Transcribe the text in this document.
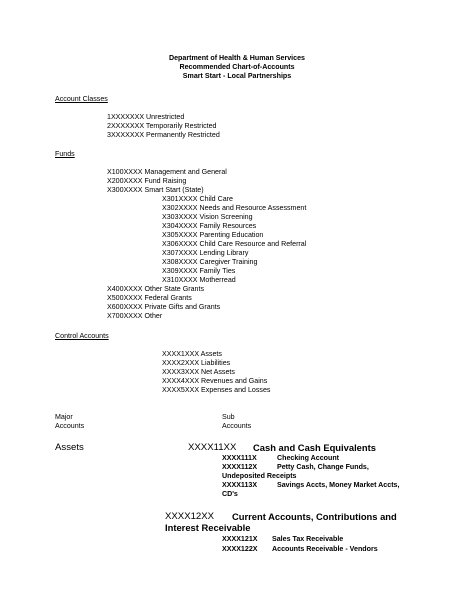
Department of Health & Human Services
Recommended Chart-of-Accounts
Smart Start - Local Partnerships
Account Classes
1XXXXXXX Unrestricted
2XXXXXXX Temporarily Restricted
3XXXXXXX Permanently Restricted
Funds
X100XXXX Management and General
X200XXXX Fund Raising
X300XXXX Smart Start (State)
X301XXXX Child Care
X302XXXX Needs and Resource Assessment
X303XXXX Vision Screening
X304XXXX Family Resources
X305XXXX Parenting Education
X306XXXX Child Care Resource and Referral
X307XXXX Lending Library
X308XXXX Caregiver Training
X309XXXX Family Ties
X310XXXX Motherread
X400XXXX Other State Grants
X500XXXX Federal Grants
X600XXXX Private Gifts and Grants
X700XXXX Other
Control Accounts
XXXX1XXX Assets
XXXX2XXX Liabilities
XXXX3XXX Net Assets
XXXX4XXX Revenues and Gains
XXXX5XXX Expenses and Losses
Major
Accounts
Sub
Accounts
Assets	XXXX11XX Cash and Cash Equivalents
XXXX111X	Checking Account
XXXX112X	Petty Cash, Change Funds,
Undeposited Receipts
XXXX113X	Savings Accts, Money Market Accts,
CD's
XXXX12XX Current Accounts, Contributions and
Interest Receivable
XXXX121X Sales Tax Receivable
XXXX122X Accounts Receivable - Vendors
